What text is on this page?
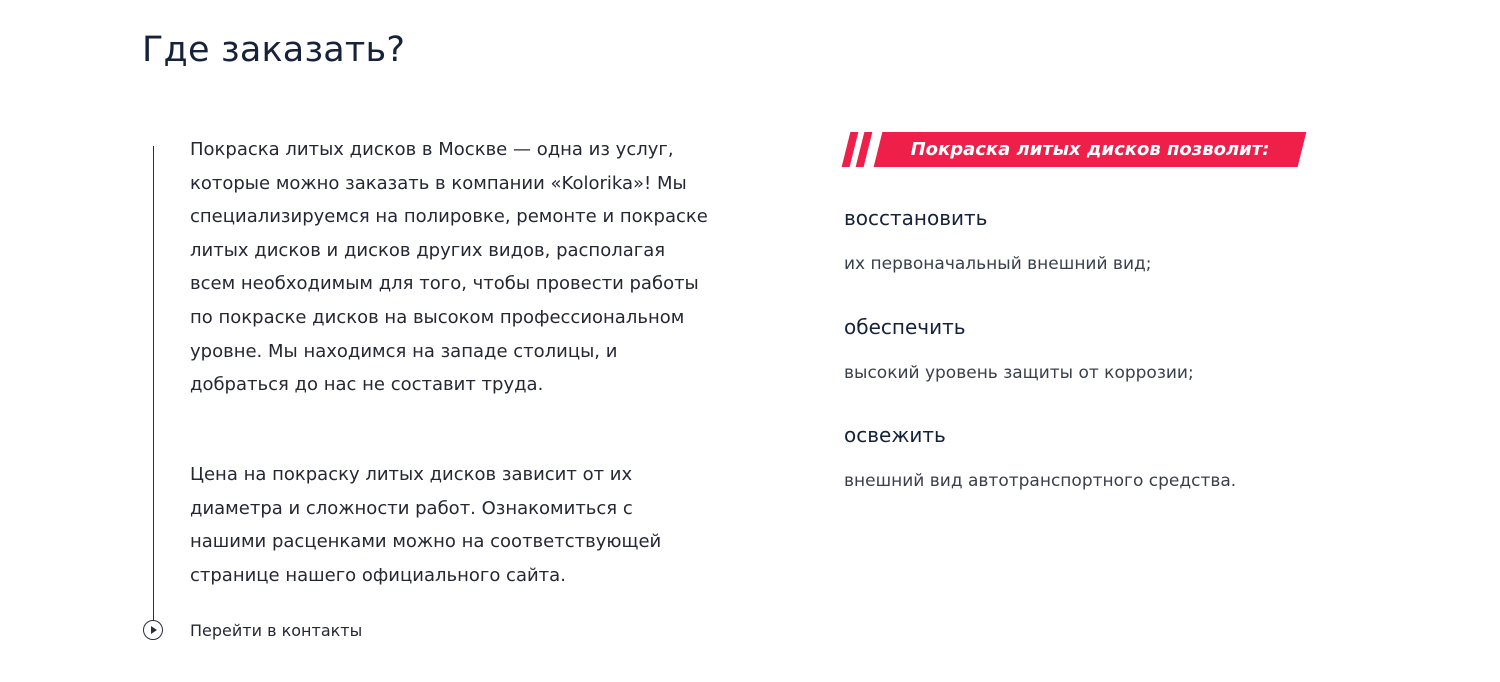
Где заказать?

Покраска литых дисков в Москве — одна из услуг, которые можно заказать в компании «Kolorika»! Мы специализируемся на полировке, ремонте и покраске литых дисков и дисков других видов, располагая всем необходимым для того, чтобы провести работы по покраске дисков на высоком профессиональном уровне. Мы находимся на западе столицы, и добраться до нас не составит труда.

Цена на покраску литых дисков зависит от их диаметра и сложности работ. Ознакомиться с нашими расценками можно на соответствующей странице нашего официального сайта.

Перейти в контакты
Покраска литых дисков позволит:
восстановить

их первоначальный внешний вид;

обеспечить

высокий уровень защиты от коррозии;

освежить

внешний вид автотранспортного средства.
